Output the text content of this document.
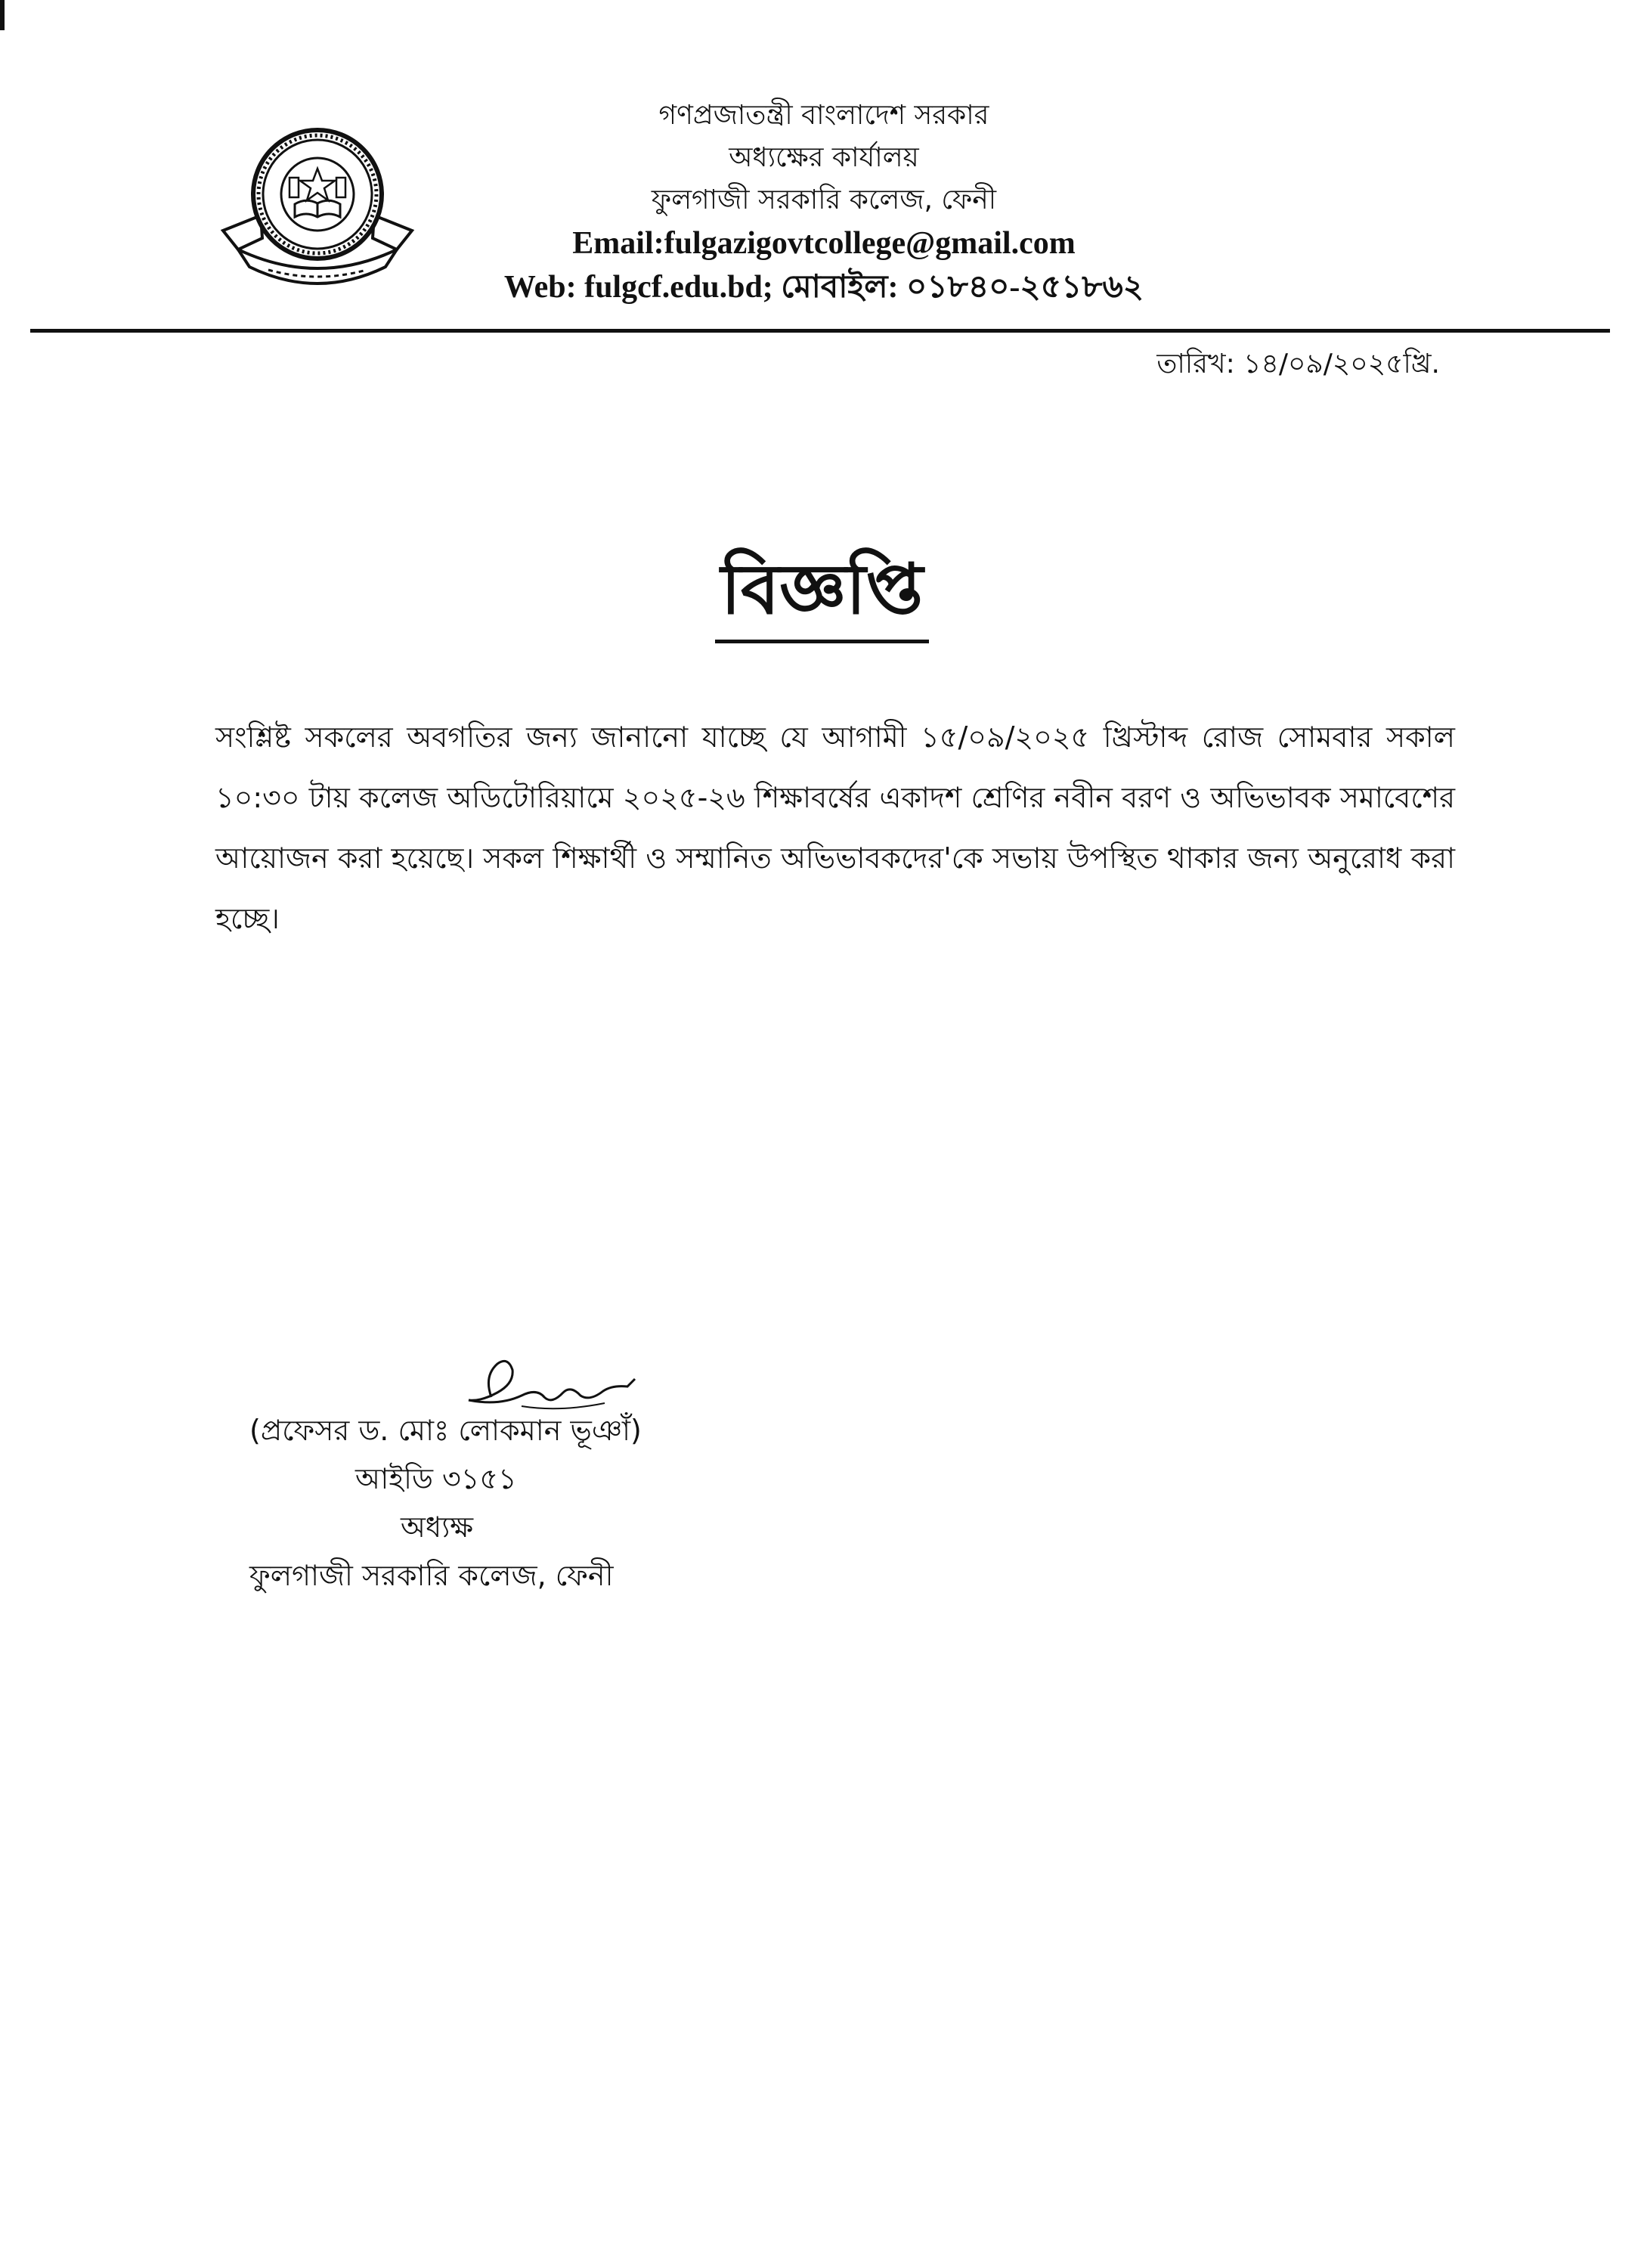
গণপ্রজাতন্ত্রী বাংলাদেশ সরকার
অধ্যক্ষের কার্যালয়
ফুলগাজী সরকারি কলেজ, ফেনী
Email:fulgazigovtcollege@gmail.com
Web: fulgcf.edu.bd; মোবাইল: ০১৮৪০-২৫১৮৬২
তারিখ: ১৪/০৯/২০২৫খ্রি.
বিজ্ঞপ্তি
সংশ্লিষ্ট সকলের অবগতির জন্য জানানো যাচ্ছে যে আগামী ১৫/০৯/২০২৫ খ্রিস্টাব্দ রোজ সোমবার সকাল ১০:৩০ টায় কলেজ অডিটোরিয়ামে ২০২৫-২৬ শিক্ষাবর্ষের একাদশ শ্রেণির নবীন বরণ ও অভিভাবক সমাবেশের আয়োজন করা হয়েছে। সকল শিক্ষার্থী ও সম্মানিত অভিভাবকদের'কে সভায় উপস্থিত থাকার জন্য অনুরোধ করা হচ্ছে।
(প্রফেসর ড. মোঃ লোকমান ভূঞাঁ)
আইডি ৩১৫১
অধ্যক্ষ
ফুলগাজী সরকারি কলেজ, ফেনী
